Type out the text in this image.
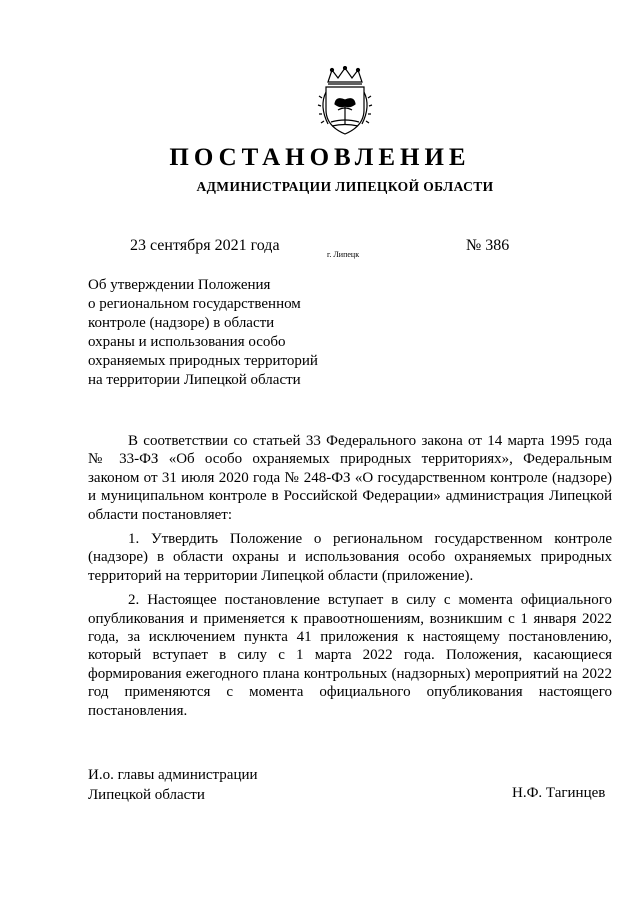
ПОСТАНОВЛЕНИЕ
АДМИНИСТРАЦИИ ЛИПЕЦКОЙ ОБЛАСТИ
23 сентября 2021 года
г. Липецк
№ 386
Об утверждении Положения
о региональном государственном
контроле (надзоре) в области
охраны и использования особо
охраняемых природных территорий
на территории Липецкой области

В соответствии со статьей 33 Федерального закона от 14 марта 1995 года № 33-ФЗ «Об особо охраняемых природных территориях», Федеральным законом от 31 июля 2020 года № 248-ФЗ «О государственном контроле (надзоре) и муниципальном контроле в Российской Федерации» администрация Липецкой области постановляет:

1. Утвердить Положение о региональном государственном контроле (надзоре) в области охраны и использования особо охраняемых природных территорий на территории Липецкой области (приложение).

2. Настоящее постановление вступает в силу с момента официального опубликования и применяется к правоотношениям, возникшим с 1 января 2022 года, за исключением пункта 41 приложения к настоящему постановлению, который вступает в силу с 1 марта 2022 года. Положения, касающиеся формирования ежегодного плана контрольных (надзорных) мероприятий на 2022 год применяются с момента официального опубликования настоящего постановления.

И.о. главы администрации
Липецкой области	Н.Ф. Тагинцев
